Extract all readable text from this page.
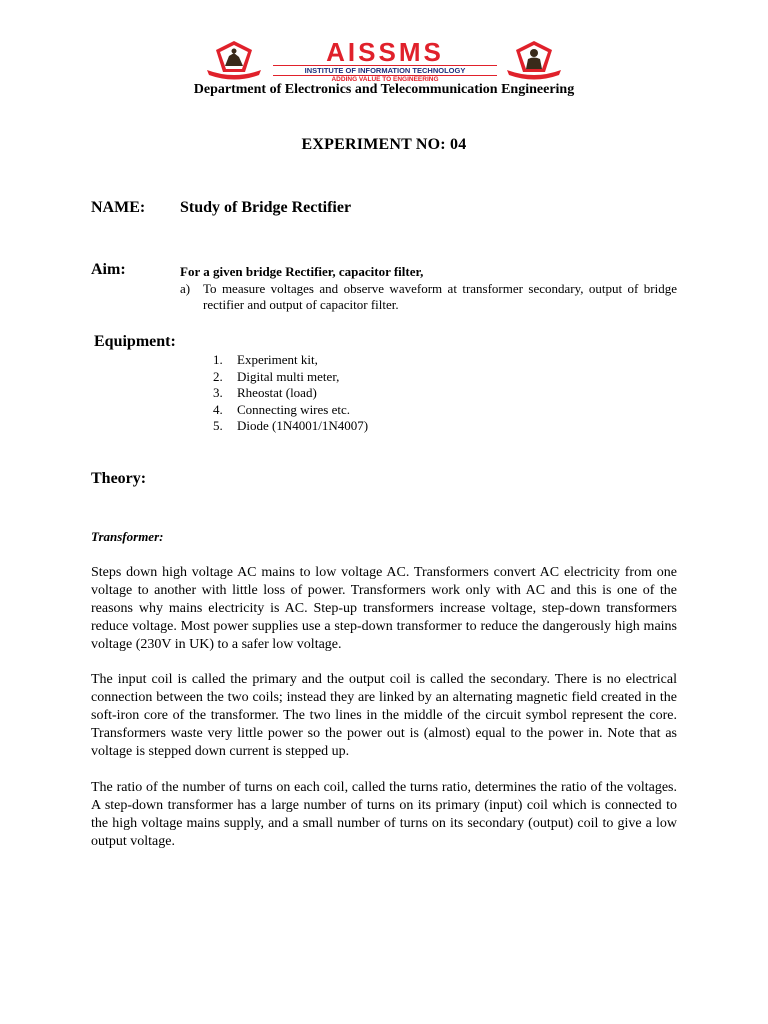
AISSMS
INSTITUTE OF INFORMATION TECHNOLOGY
ADDING VALUE TO ENGINEERING
Department of Electronics and Telecommunication Engineering
EXPERIMENT NO: 04
NAME: Study of Bridge Rectifier
Aim:	For a given bridge Rectifier, capacitor filter,
a) To measure voltages and observe waveform at transformer secondary, output of bridge rectifier and output of capacitor filter.
Equipment:
1. Experiment kit,
2. Digital multi meter,
3. Rheostat (load)
4. Connecting wires etc.
5. Diode (1N4001/1N4007)
Theory:
Transformer:
Steps down high voltage AC mains to low voltage AC. Transformers convert AC electricity from one voltage to another with little loss of power. Transformers work only with AC and this is one of the reasons why mains electricity is AC. Step-up transformers increase voltage, step-down transformers reduce voltage. Most power supplies use a step-down transformer to reduce the dangerously high mains voltage (230V in UK) to a safer low voltage.
The input coil is called the primary and the output coil is called the secondary. There is no electrical connection between the two coils; instead they are linked by an alternating magnetic field created in the soft-iron core of the transformer. The two lines in the middle of the circuit symbol represent the core. Transformers waste very little power so the power out is (almost) equal to the power in. Note that as voltage is stepped down current is stepped up.
The ratio of the number of turns on each coil, called the turns ratio, determines the ratio of the voltages. A step-down transformer has a large number of turns on its primary (input) coil which is connected to the high voltage mains supply, and a small number of turns on its secondary (output) coil to give a low output voltage.
